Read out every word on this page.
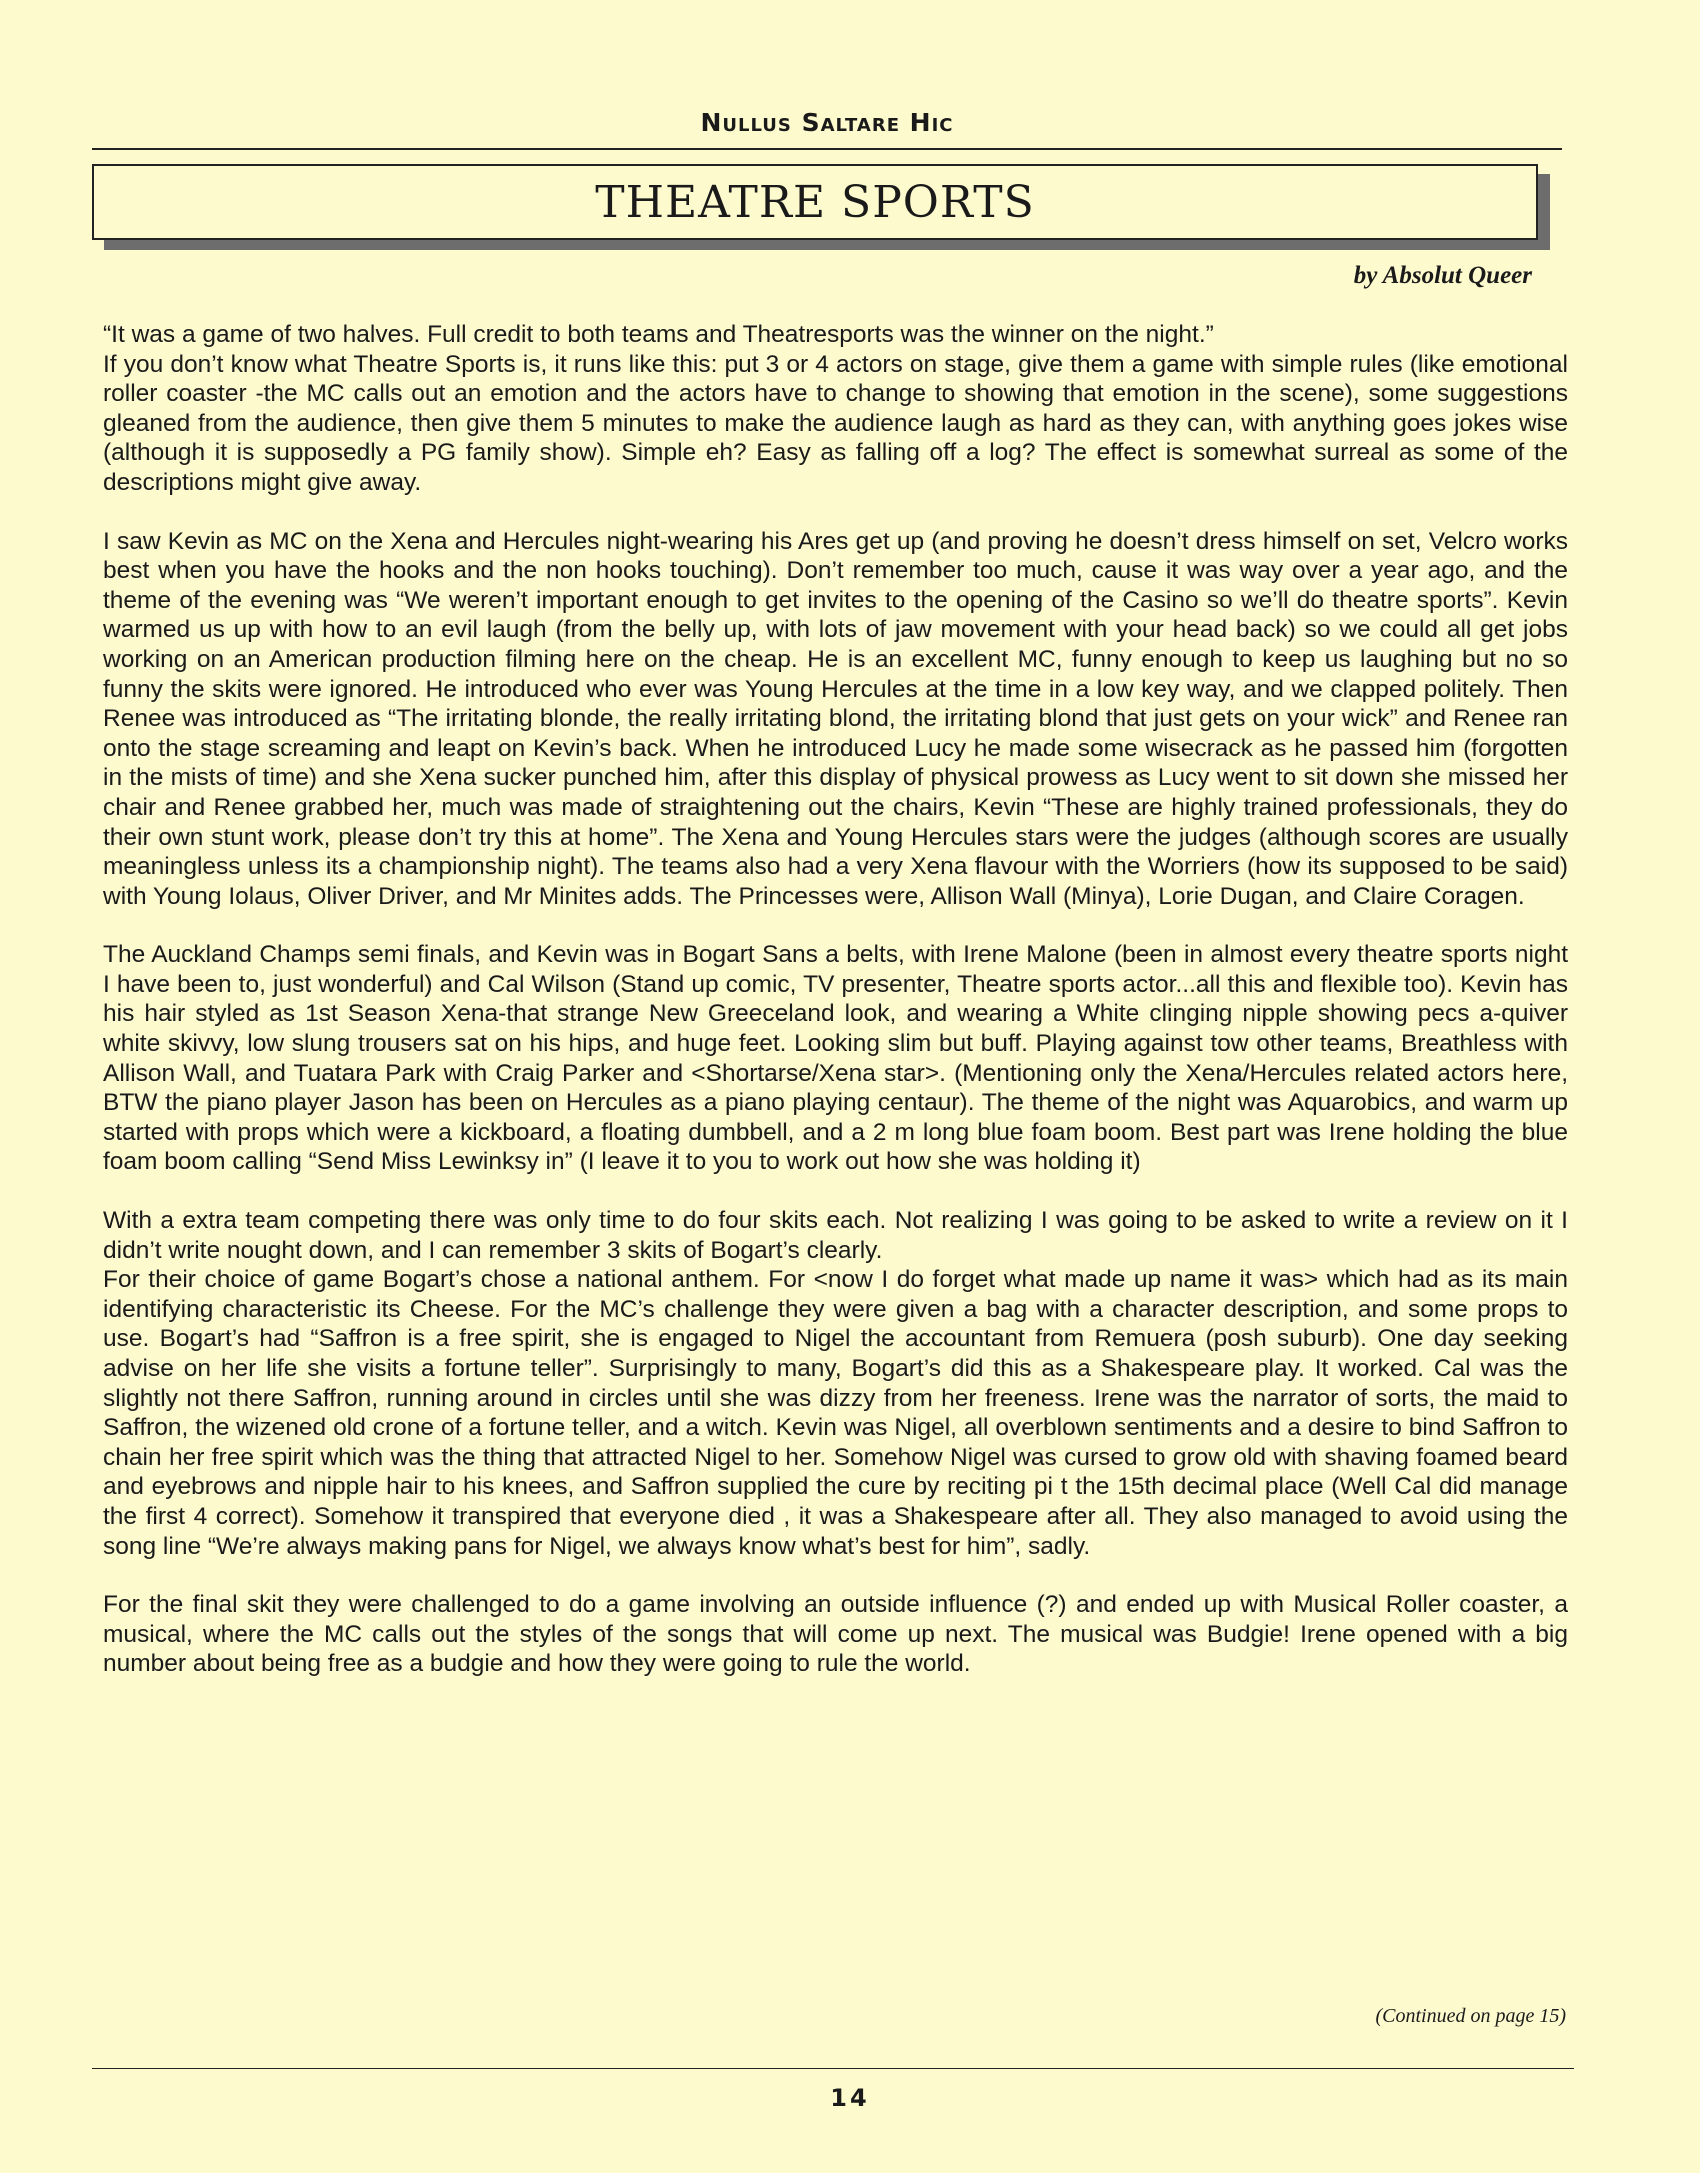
Nullus Saltare Hic
THEATRE SPORTS
by Absolut Queer

“It was a game of two halves. Full credit to both teams and Theatresports was the winner on the night.”

If you don’t know what Theatre Sports is, it runs like this: put 3 or 4 actors on stage, give them a game with simple rules (like emotional roller coaster -the MC calls out an emotion and the actors have to change to showing that emotion in the scene), some suggestions gleaned from the audience, then give them 5 minutes to make the audience laugh as hard as they can, with anything goes jokes wise (although it is supposedly a PG family show). Simple eh? Easy as falling off a log? The effect is somewhat surreal as some of the descriptions might give away.

I saw Kevin as MC on the Xena and Hercules night-wearing his Ares get up (and proving he doesn’t dress himself on set, Velcro works best when you have the hooks and the non hooks touching). Don’t remember too much, cause it was way over a year ago, and the theme of the evening was “We weren’t important enough to get invites to the opening of the Casino so we’ll do theatre sports”. Kevin warmed us up with how to an evil laugh (from the belly up, with lots of jaw movement with your head back) so we could all get jobs working on an American production filming here on the cheap. He is an excellent MC, funny enough to keep us laughing but no so funny the skits were ignored. He introduced who ever was Young Hercules at the time in a low key way, and we clapped politely. Then Renee was introduced as “The irritating blonde, the really irritating blond, the irritating blond that just gets on your wick” and Renee ran onto the stage screaming and leapt on Kevin’s back. When he introduced Lucy he made some wisecrack as he passed him (forgotten in the mists of time) and she Xena sucker punched him, after this display of physical prowess as Lucy went to sit down she missed her chair and Renee grabbed her, much was made of straightening out the chairs, Kevin “These are highly trained professionals, they do their own stunt work, please don’t try this at home”. The Xena and Young Hercules stars were the judges (although scores are usually meaningless unless its a championship night). The teams also had a very Xena flavour with the Worriers (how its supposed to be said) with Young Iolaus, Oliver Driver, and Mr Minites adds. The Princesses were, Allison Wall (Minya), Lorie Dugan, and Claire Coragen.

The Auckland Champs semi finals, and Kevin was in Bogart Sans a belts, with Irene Malone (been in almost every theatre sports night I have been to, just wonderful) and Cal Wilson (Stand up comic, TV presenter, Theatre sports actor...all this and flexible too). Kevin has his hair styled as 1st Season Xena-that strange New Greeceland look, and wearing a White clinging nipple showing pecs a-quiver white skivvy, low slung trousers sat on his hips, and huge feet. Looking slim but buff. Playing against tow other teams, Breathless with Allison Wall, and Tuatara Park with Craig Parker and <Shortarse/Xena star>. (Mentioning only the Xena/Hercules related actors here, BTW the piano player Jason has been on Hercules as a piano playing centaur). The theme of the night was Aquarobics, and warm up started with props which were a kickboard, a floating dumbbell, and a 2 m long blue foam boom. Best part was Irene holding the blue foam boom calling “Send Miss Lewinksy in” (I leave it to you to work out how she was holding it)

With a extra team competing there was only time to do four skits each. Not realizing I was going to be asked to write a review on it I didn’t write nought down, and I can remember 3 skits of Bogart’s clearly.

For their choice of game Bogart’s chose a national anthem. For <now I do forget what made up name it was> which had as its main identifying characteristic its Cheese. For the MC’s challenge they were given a bag with a character description, and some props to use. Bogart’s had “Saffron is a free spirit, she is engaged to Nigel the accountant from Remuera (posh suburb). One day seeking advise on her life she visits a fortune teller”. Surprisingly to many, Bogart’s did this as a Shakespeare play. It worked. Cal was the slightly not there Saffron, running around in circles until she was dizzy from her freeness. Irene was the narrator of sorts, the maid to Saffron, the wizened old crone of a fortune teller, and a witch. Kevin was Nigel, all overblown sentiments and a desire to bind Saffron to chain her free spirit which was the thing that attracted Nigel to her. Somehow Nigel was cursed to grow old with shaving foamed beard and eyebrows and nipple hair to his knees, and Saffron supplied the cure by reciting pi t the 15th decimal place (Well Cal did manage the first 4 correct). Somehow it transpired that everyone died , it was a Shakespeare after all. They also managed to avoid using the song line “We’re always making pans for Nigel, we always know what’s best for him”, sadly.

For the final skit they were challenged to do a game involving an outside influence (?) and ended up with Musical Roller coaster, a musical, where the MC calls out the styles of the songs that will come up next. The musical was Budgie! Irene opened with a big number about being free as a budgie and how they were going to rule the world.

(Continued on page 15)
14
